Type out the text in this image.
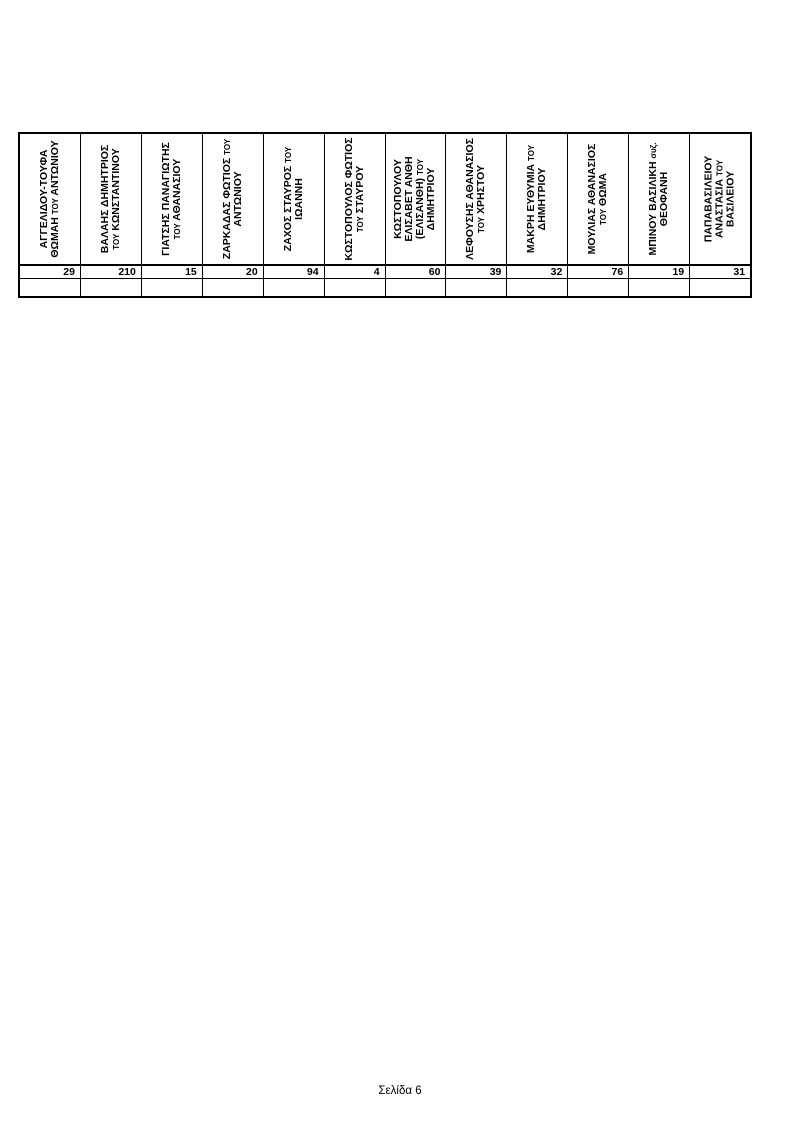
ΑΓΓΕΛΙΔΟΥ-ΤΟΥΦΑ ΘΩΜΑΗ ΤΟΥ ΑΝΤΩΝΙΟΥ
29
ΒΑΛΑΗΣ ΔΗΜΗΤΡΙΟΣ ΤΟΥ ΚΩΝΣΤΑΝΤΙΝΟΥ
210
ΓΙΑΤΣΗΣ ΠΑΝΑΓΙΩΤΗΣ ΤΟΥ ΑΘΑΝΑΣΙΟΥ
15
ΖΑΡΚΑΔΑΣ ΦΩΤΙΟΣ ΤΟΥ ΑΝΤΩΝΙΟΥ
20
ΖΑΧΟΣ ΣΤΑΥΡΟΣ ΤΟΥ ΙΩΑΝΝΗ
94
ΚΩΣΤΟΠΟΥΛΟΣ ΦΩΤΙΟΣ ΤΟΥ ΣΤΑΥΡΟΥ
4
ΚΩΣΤΟΠΟΥΛΟΥ ΕΛΙΣΑΒΕΤ ΑΝΘΗ (ΕΛΙΣΑΝΘΗ) ΤΟΥ ΔΗΜΗΤΡΙΟΥ
60
ΛΕΦΟΥΣΗΣ ΑΘΑΝΑΣΙΟΣ ΤΟΥ ΧΡΗΣΤΟΥ
39
ΜΑΚΡΗ ΕΥΘΥΜΙΑ ΤΟΥ ΔΗΜΗΤΡΙΟΥ
32
ΜΟΥΛΙΑΣ ΑΘΑΝΑΣΙΟΣ ΤΟΥ ΘΩΜΑ
76
ΜΠΙΝΟΥ ΒΑΣΙΛΙΚΗ συζ. ΘΕΟΦΑΝΗ
19
ΠΑΠΑΒΑΣΙΛΕΙΟΥ ΑΝΑΣΤΑΣΙΑ ΤΟΥ ΒΑΣΙΛΕΙΟΥ
31
Σελίδα 6
